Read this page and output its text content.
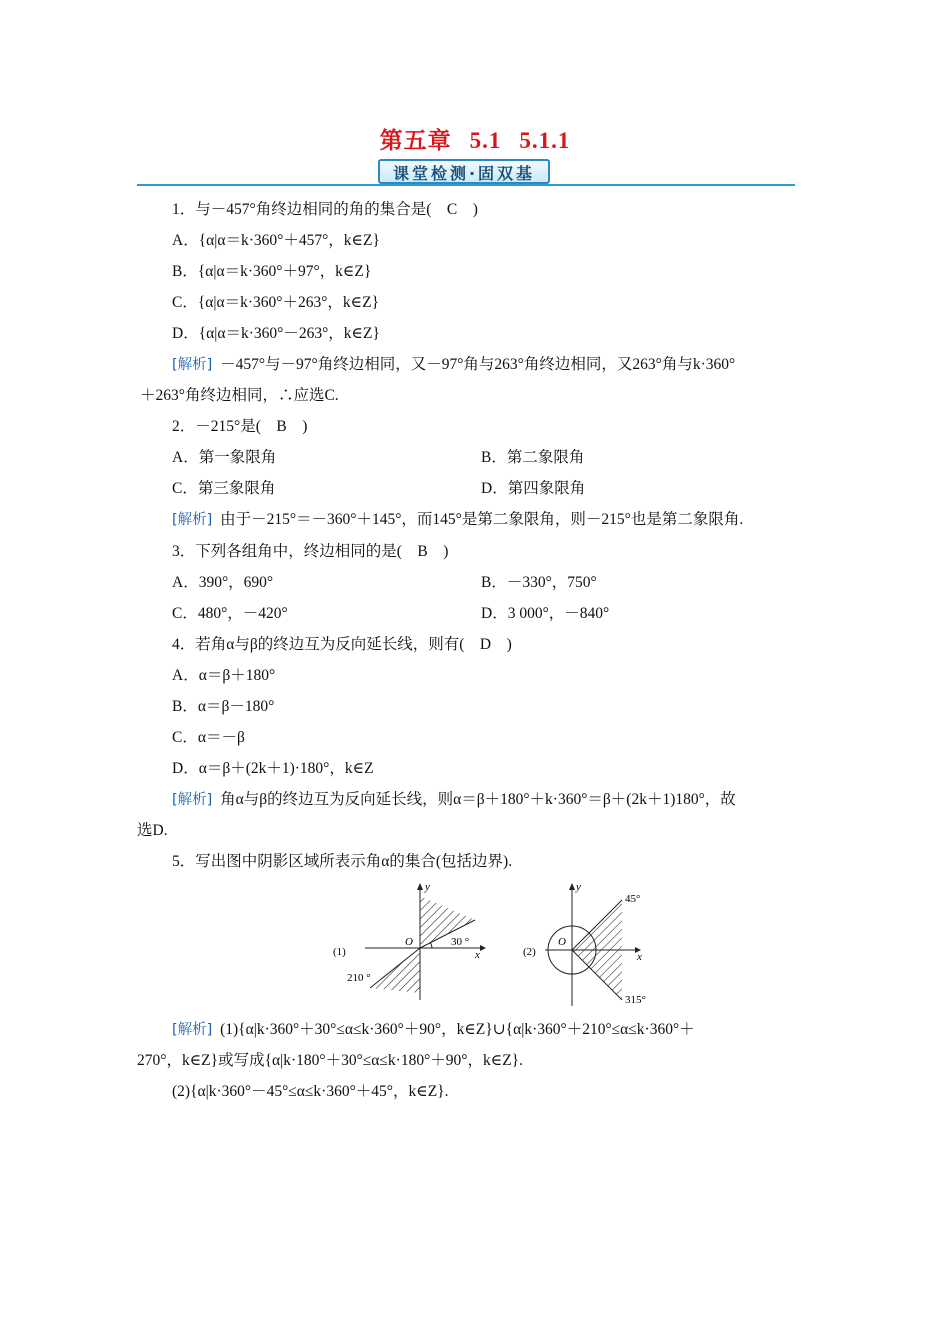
第五章 5.1 5.1.1
课堂检测·固双基
1．与－457°角终边相同的角的集合是(　C　)
A．{α|α＝k·360°＋457°，k∈Z}
B．{α|α＝k·360°＋97°，k∈Z}
C．{α|α＝k·360°＋263°，k∈Z}
D．{α|α＝k·360°－263°，k∈Z}
[解析] －457°与－97°角终边相同，又－97°角与263°角终边相同，又263°角与k·360°
＋263°角终边相同，∴应选C.
2．－215°是(　B　)
A．第一象限角	B．第二象限角
C．第三象限角	D．第四象限角
[解析] 由于－215°＝－360°＋145°，而145°是第二象限角，则－215°也是第二象限角.
3．下列各组角中，终边相同的是(　B　)
A．390°，690°	B．－330°，750°
C．480°，－420°	D．3 000°，－840°
4．若角α与β的终边互为反向延长线，则有(　D　)
A．α＝β＋180°
B．α＝β－180°
C．α＝－β
D．α＝β＋(2k＋1)·180°，k∈Z
[解析] 角α与β的终边互为反向延长线，则α＝β＋180°＋k·360°＝β＋(2k＋1)180°，故
选D.
5．写出图中阴影区域所表示角α的集合(包括边界).
(1)	x
y
O	30 °
210 °
(2)	x
y
O
45°
315°
[解析] (1){α|k·360°＋30°≤α≤k·360°＋90°，k∈Z}∪{α|k·360°＋210°≤α≤k·360°＋
270°，k∈Z}或写成{α|k·180°＋30°≤α≤k·180°＋90°，k∈Z}.
(2){α|k·360°－45°≤α≤k·360°＋45°，k∈Z}.
